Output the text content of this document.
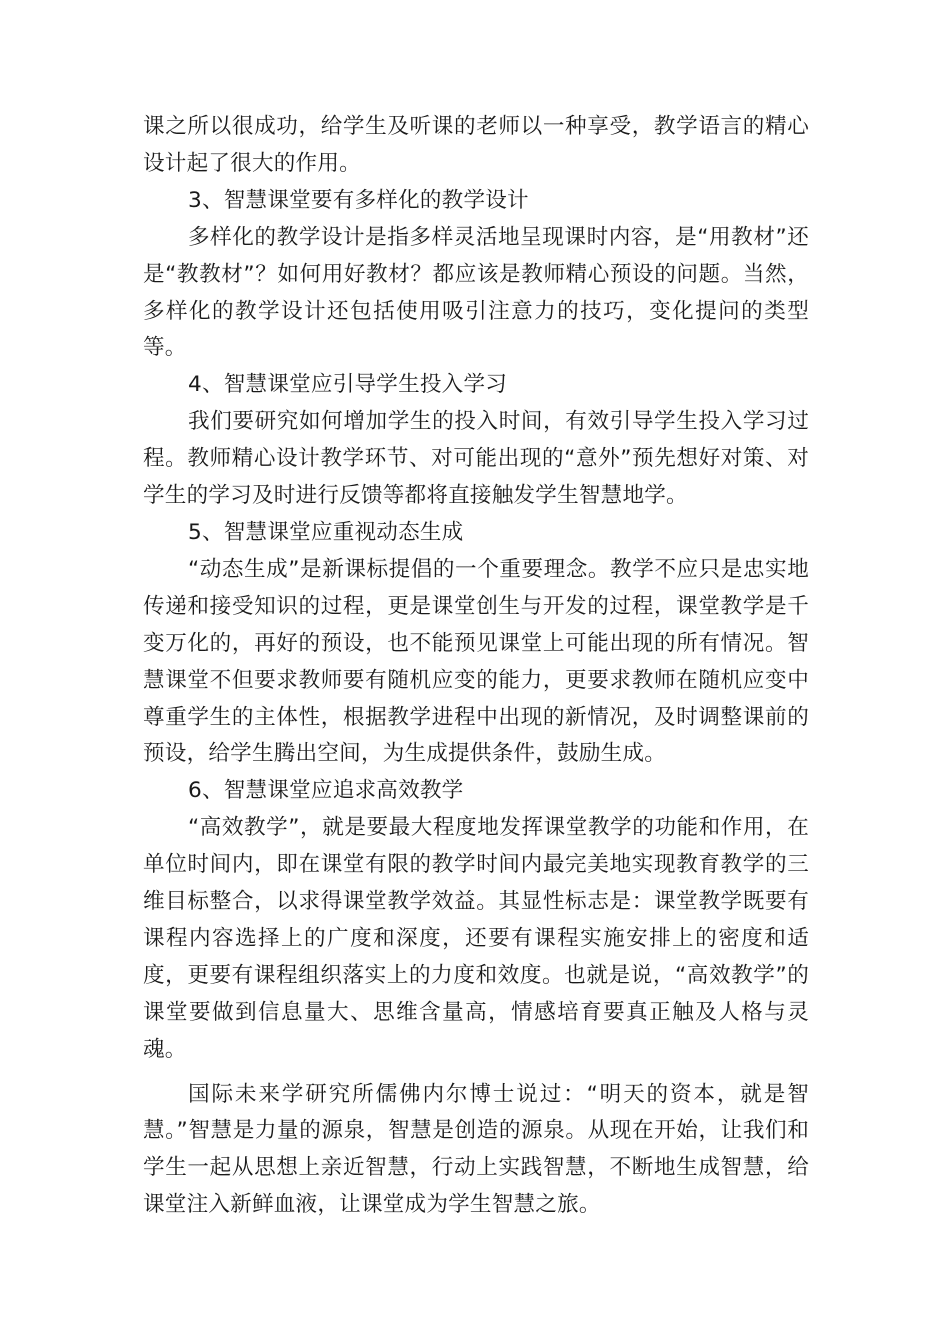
课之所以很成功，给学生及听课的老师以一种享受，教学语言的精心设计起了很大的作用。

3、智慧课堂要有多样化的教学设计

多样化的教学设计是指多样灵活地呈现课时内容，是“用教材”还是“教教材”？如何用好教材？都应该是教师精心预设的问题。当然，多样化的教学设计还包括使用吸引注意力的技巧，变化提问的类型等。

4、智慧课堂应引导学生投入学习

我们要研究如何增加学生的投入时间，有效引导学生投入学习过程。教师精心设计教学环节、对可能出现的“意外”预先想好对策、对学生的学习及时进行反馈等都将直接触发学生智慧地学。

5、智慧课堂应重视动态生成

“动态生成”是新课标提倡的一个重要理念。教学不应只是忠实地传递和接受知识的过程，更是课堂创生与开发的过程，课堂教学是千变万化的，再好的预设，也不能预见课堂上可能出现的所有情况。智慧课堂不但要求教师要有随机应变的能力，更要求教师在随机应变中尊重学生的主体性，根据教学进程中出现的新情况，及时调整课前的预设，给学生腾出空间，为生成提供条件，鼓励生成。

6、智慧课堂应追求高效教学

“高效教学”，就是要最大程度地发挥课堂教学的功能和作用，在单位时间内，即在课堂有限的教学时间内最完美地实现教育教学的三维目标整合，以求得课堂教学效益。其显性标志是：课堂教学既要有课程内容选择上的广度和深度，还要有课程实施安排上的密度和适度，更要有课程组织落实上的力度和效度。也就是说，“高效教学”的课堂要做到信息量大、思维含量高，情感培育要真正触及人格与灵魂。

国际未来学研究所儒佛内尔博士说过：“明天的资本，就是智慧。”智慧是力量的源泉，智慧是创造的源泉。从现在开始，让我们和学生一起从思想上亲近智慧，行动上实践智慧，不断地生成智慧，给课堂注入新鲜血液，让课堂成为学生智慧之旅。
